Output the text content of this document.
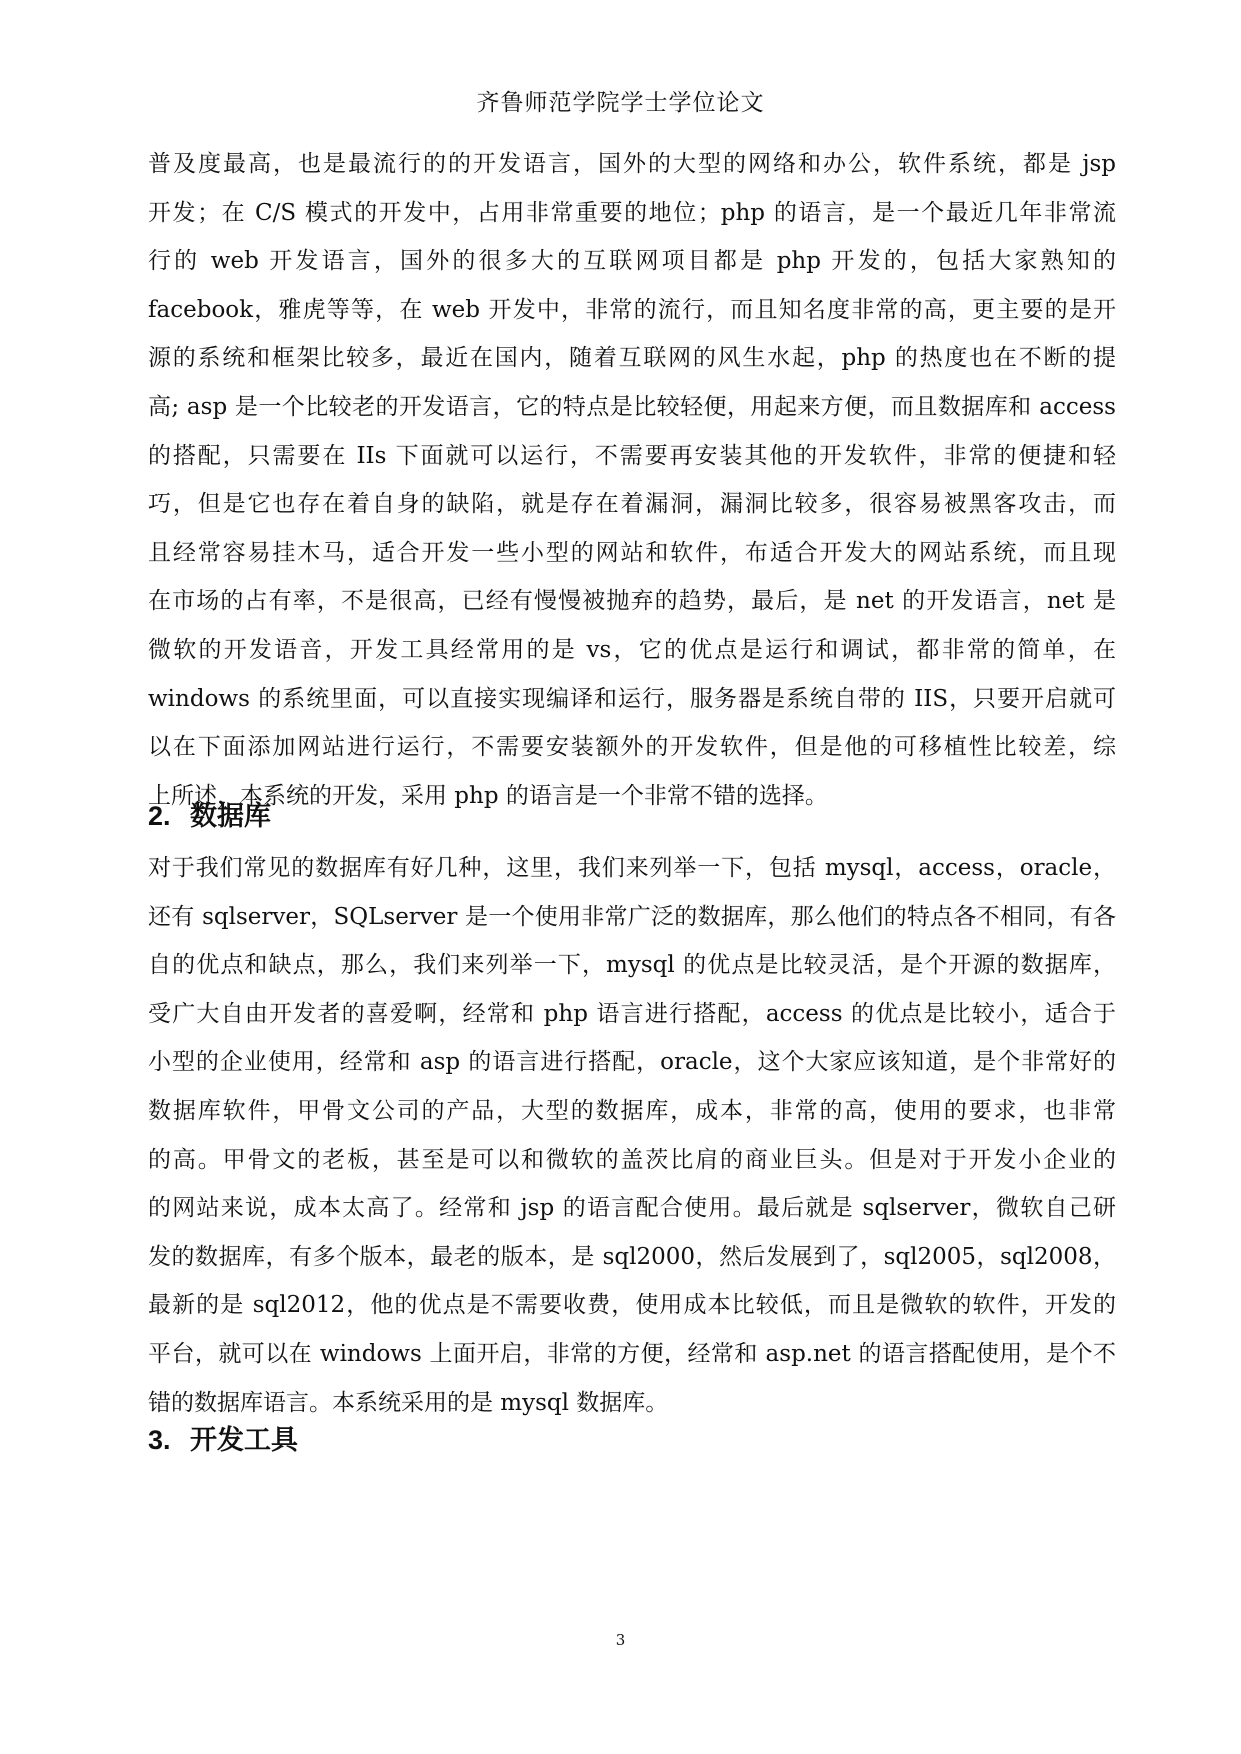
齐鲁师范学院学士学位论文
普及度最高，也是最流行的的开发语言，国外的大型的网络和办公，软件系统，都是 jsp
开发；在 C/S 模式的开发中，占用非常重要的地位；php 的语言，是一个最近几年非常流
行的 web 开发语言，国外的很多大的互联网项目都是 php 开发的，包括大家熟知的
facebook，雅虎等等，在 web 开发中，非常的流行，而且知名度非常的高，更主要的是开
源的系统和框架比较多，最近在国内，随着互联网的风生水起，php 的热度也在不断的提
高; asp 是一个比较老的开发语言，它的特点是比较轻便，用起来方便，而且数据库和 access
的搭配，只需要在 IIs 下面就可以运行，不需要再安装其他的开发软件，非常的便捷和轻
巧，但是它也存在着自身的缺陷，就是存在着漏洞，漏洞比较多，很容易被黑客攻击，而
且经常容易挂木马，适合开发一些小型的网站和软件，布适合开发大的网站系统，而且现
在市场的占有率，不是很高，已经有慢慢被抛弃的趋势，最后，是 net 的开发语言，net 是
微软的开发语音，开发工具经常用的是 vs，它的优点是运行和调试，都非常的简单，在
windows 的系统里面，可以直接实现编译和运行，服务器是系统自带的 IIS，只要开启就可
以在下面添加网站进行运行，不需要安装额外的开发软件，但是他的可移植性比较差，综
上所述，本系统的开发，采用 php 的语言是一个非常不错的选择。
2. 数据库
对于我们常见的数据库有好几种，这里，我们来列举一下，包括 mysql，access，oracle，
还有 sqlserver，SQLserver 是一个使用非常广泛的数据库，那么他们的特点各不相同，有各
自的优点和缺点，那么，我们来列举一下，mysql 的优点是比较灵活，是个开源的数据库，
受广大自由开发者的喜爱啊，经常和 php 语言进行搭配，access 的优点是比较小，适合于
小型的企业使用，经常和 asp 的语言进行搭配，oracle，这个大家应该知道，是个非常好的
数据库软件，甲骨文公司的产品，大型的数据库，成本，非常的高，使用的要求，也非常
的高。甲骨文的老板，甚至是可以和微软的盖茨比肩的商业巨头。但是对于开发小企业的
的网站来说，成本太高了。经常和 jsp 的语言配合使用。最后就是 sqlserver，微软自己研
发的数据库，有多个版本，最老的版本，是 sql2000，然后发展到了，sql2005，sql2008，
最新的是 sql2012，他的优点是不需要收费，使用成本比较低，而且是微软的软件，开发的
平台，就可以在 windows 上面开启，非常的方便，经常和 asp.net 的语言搭配使用，是个不
错的数据库语言。本系统采用的是 mysql 数据库。
3. 开发工具
3
